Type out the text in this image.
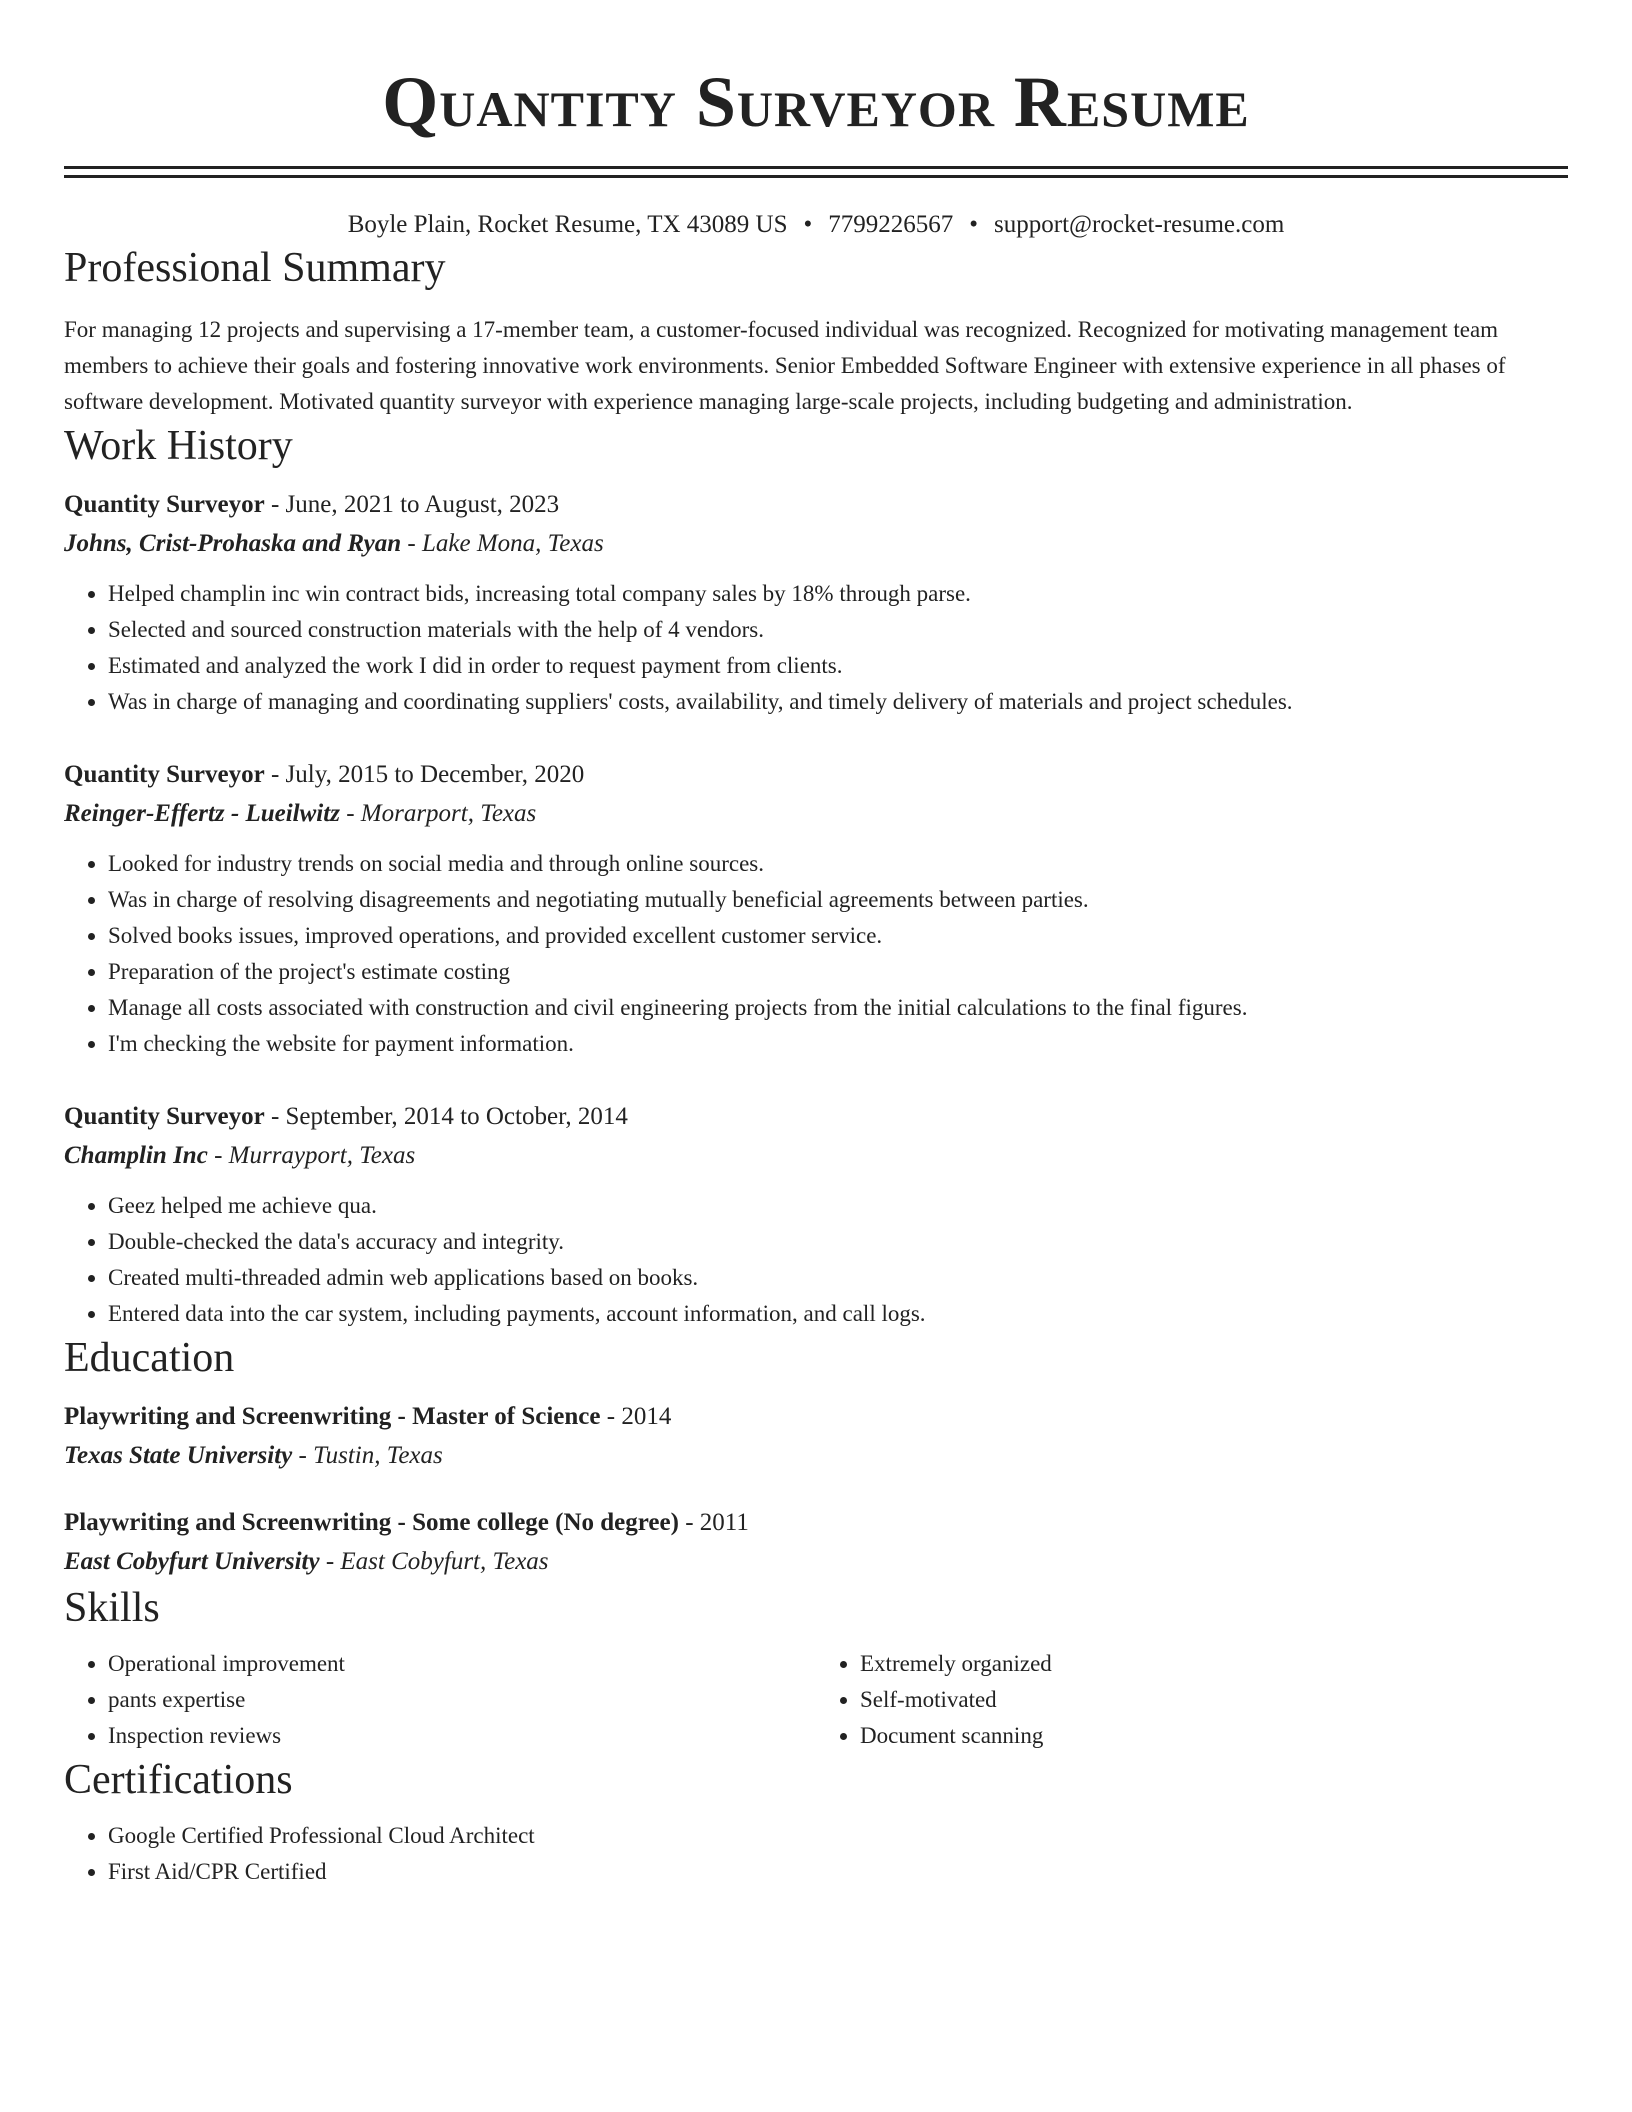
Quantity Surveyor Resume
Boyle Plain, Rocket Resume, TX 43089 US • 7799226567 • support@rocket-resume.com
Professional Summary
For managing 12 projects and supervising a 17-member team, a customer-focused individual was recognized. Recognized for motivating management team members to achieve their goals and fostering innovative work environments. Senior Embedded Software Engineer with extensive experience in all phases of software development. Motivated quantity surveyor with experience managing large-scale projects, including budgeting and administration.
Work History
Quantity Surveyor - June, 2021 to August, 2023
Johns, Crist-Prohaska and Ryan - Lake Mona, Texas
• Helped champlin inc win contract bids, increasing total company sales by 18% through parse.
• Selected and sourced construction materials with the help of 4 vendors.
• Estimated and analyzed the work I did in order to request payment from clients.
• Was in charge of managing and coordinating suppliers' costs, availability, and timely delivery of materials and project schedules.
Quantity Surveyor - July, 2015 to December, 2020
Reinger-Effertz - Lueilwitz - Morarport, Texas
• Looked for industry trends on social media and through online sources.
• Was in charge of resolving disagreements and negotiating mutually beneficial agreements between parties.
• Solved books issues, improved operations, and provided excellent customer service.
• Preparation of the project's estimate costing
• Manage all costs associated with construction and civil engineering projects from the initial calculations to the final figures.
• I'm checking the website for payment information.
Quantity Surveyor - September, 2014 to October, 2014
Champlin Inc - Murrayport, Texas
• Geez helped me achieve qua.
• Double-checked the data's accuracy and integrity.
• Created multi-threaded admin web applications based on books.
• Entered data into the car system, including payments, account information, and call logs.
Education
Playwriting and Screenwriting - Master of Science - 2014
Texas State University - Tustin, Texas
Playwriting and Screenwriting - Some college (No degree) - 2011
East Cobyfurt University - East Cobyfurt, Texas
Skills
• Operational improvement
• pants expertise
• Inspection reviews
• Extremely organized
• Self-motivated
• Document scanning
Certifications
• Google Certified Professional Cloud Architect
• First Aid/CPR Certified
